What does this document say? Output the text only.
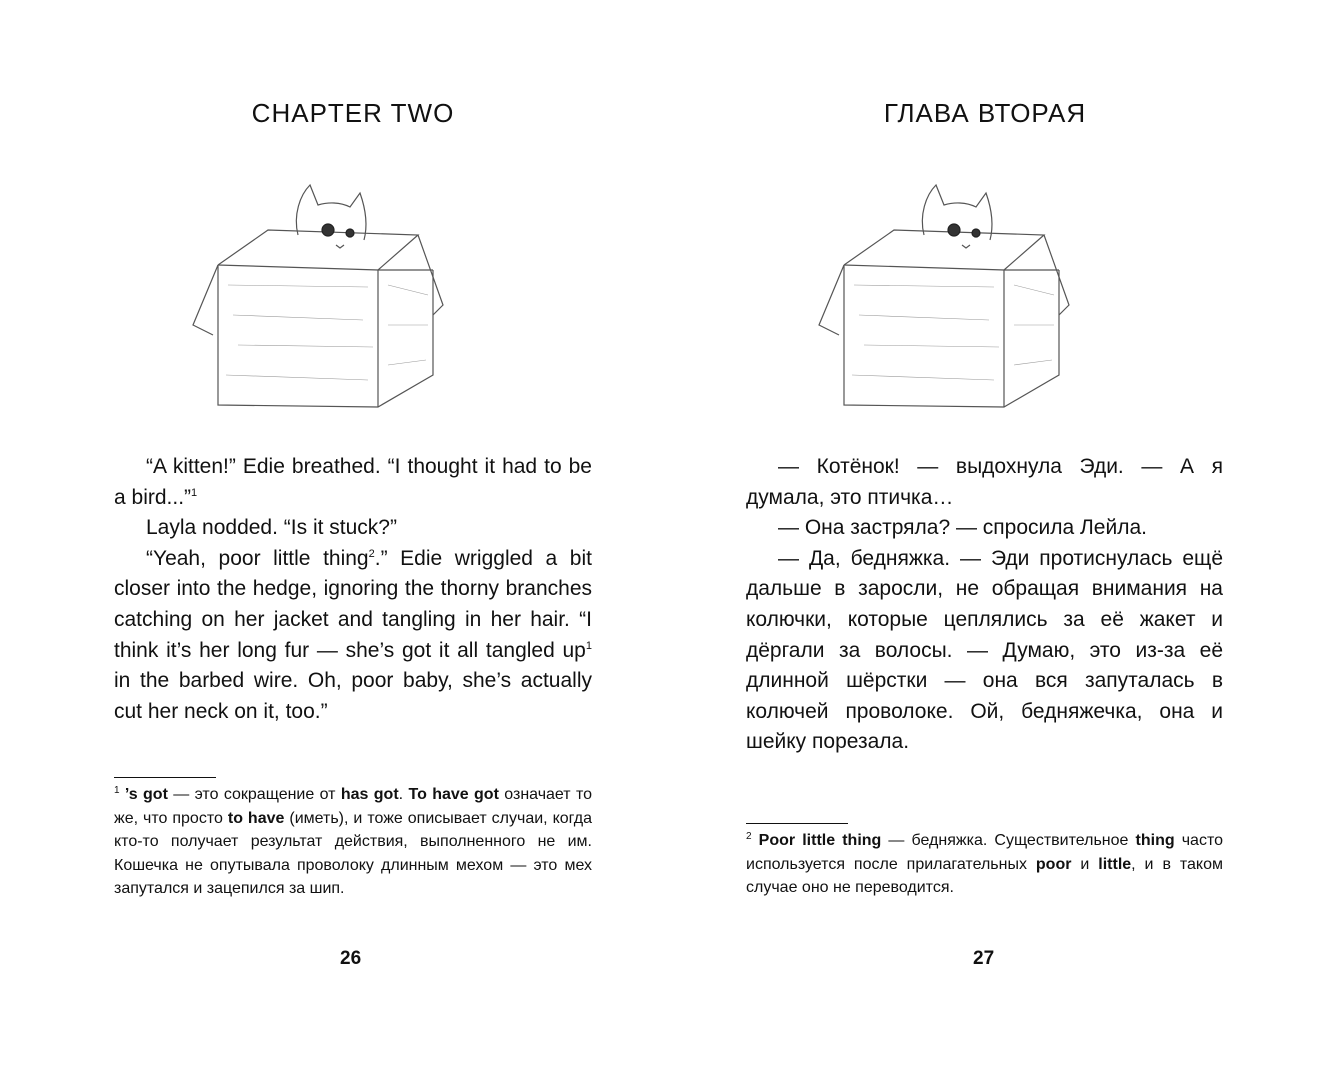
CHAPTER TWO

“A kitten!” Edie breathed. “I thought it had to be a bird...”$^1$

Layla nodded. “Is it stuck?”

“Yeah, poor little thing$^2$.” Edie wriggled a bit closer into the hedge, ignoring the thorny branches catching on her jacket and tangling in her hair. “I think it’s her long fur — she’s got it all tangled $up^1$ in the barbed wire. Oh, poor baby, she’s actually cut her neck on it, too.”

$^1$ ’s got — это сокращение от has got. To have got означает то же, что просто to have (иметь), и тоже описывает случаи, когда кто-то получает результат действия, выполненного не им. Кошечка не опутывала проволоку длинным мехом — это мех запутался и зацепился за шип.
26
ГЛАВА ВТОРАЯ

— Котёнок! — выдохнула Эди. — А я думала, это птичка…

— Она застряла? — спросила Лейла.

— Да, бедняжка. — Эди протиснулась ещё дальше в заросли, не обращая внимания на колючки, которые цеплялись за её жакет и дёргали за волосы. — Думаю, это из-за её длинной шёрстки — она вся запуталась в колючей проволоке. Ой, бедняжечка, она и шейку порезала.

$^2$ Poor little thing — бедняжка. Существительное thing часто используется после прилагательных poor и little, и в таком случае оно не переводится.
27
